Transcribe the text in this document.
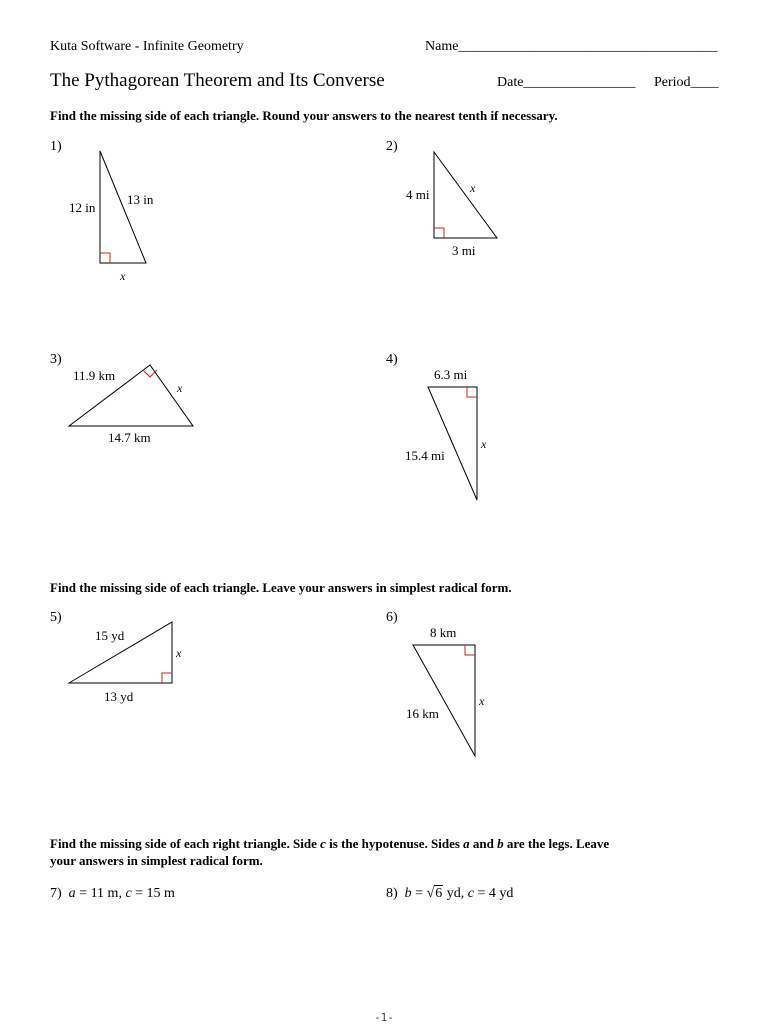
Kuta Software - Infinite Geometry	Name_____________________________________
The Pythagorean Theorem and Its Converse	Date________________ Period____
Find the missing side of each triangle. Round your answers to the nearest tenth if necessary.
1)	2)
3)	4)
Find the missing side of each triangle. Leave your answers in simplest radical form.
5)	6)
Find the missing side of each right triangle. Side c is the hypotenuse. Sides a and b are the legs. Leave
your answers in simplest radical form.
7) a = 11 m, c = 15 m	8) b = √6 yd, c = 4 yd
-1-
12 in
13 in
x
4 mi	x
3 mi
11.9 km
x
14.7 km
6.3 mi
15.4 mi
x
15 yd
x
13 yd
8 km
16 km
x
